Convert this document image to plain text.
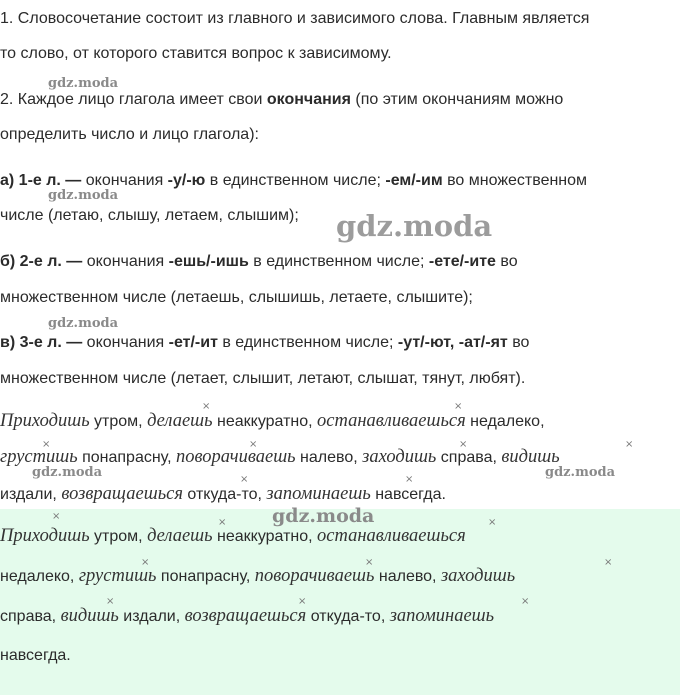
1. Словосочетание состоит из главного и зависимого слова. Главным является
то слово, от которого ставится вопрос к зависимому.
2. Каждое лицо глагола имеет свои окончания (по этим окончаниям можно
определить число и лицо глагола):
а) 1-е л. — окончания -у/-ю в единственном числе; -ем/-им во множественном
числе (летаю, слышу, летаем, слышим);
б) 2-е л. — окончания -ешь/-ишь в единственном числе; -ете/-ите во
множественном числе (летаешь, слышишь, летаете, слышите);
в) 3-е л. — окончания -ет/-ит в единственном числе; -ут/-ют, -ат/-ят во
множественном числе (летает, слышит, летают, слышат, тянут, любят).
Приходишь утром, делаешь неаккуратно, останавливаешься недалеко,
грустишь понапрасну, поворачиваешь налево, заходишь справа, видишь
издали, возвращаешься откуда-то, запоминаешь навсегда.
Приходишь утром, делаешь неаккуратно, останавливаешься
недалеко, грустишь понапрасну, поворачиваешь налево, заходишь
справа, видишь издали, возвращаешься откуда-то, запоминаешь
навсегда.
×	×
×	×	×	×
×	×
×
×	×
×	×	×
×	×	×
gdz.moda
gdz.moda
gdz.moda
gdz.moda
gdz.moda	gdz.moda
gdz.moda
